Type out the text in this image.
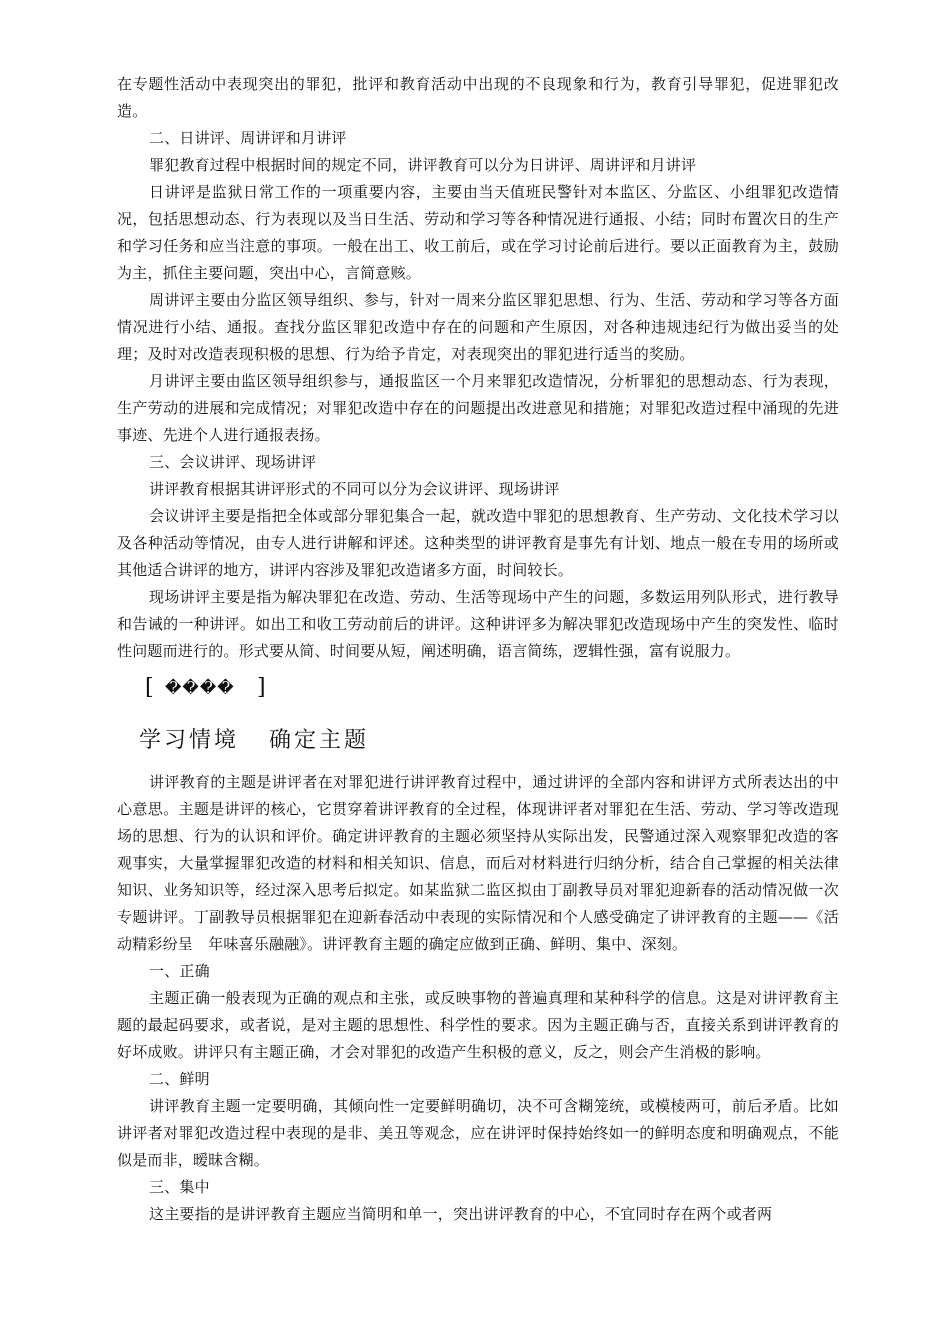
在专题性活动中表现突出的罪犯，批评和教育活动中出现的不良现象和行为，教育引导罪犯，促进罪犯改造。

二、日讲评、周讲评和月讲评

罪犯教育过程中根据时间的规定不同，讲评教育可以分为日讲评、周讲评和月讲评

日讲评是监狱日常工作的一项重要内容，主要由当天值班民警针对本监区、分监区、小组罪犯改造情况，包括思想动态、行为表现以及当日生活、劳动和学习等各种情况进行通报、小结；同时布置次日的生产和学习任务和应当注意的事项。一般在出工、收工前后，或在学习讨论前后进行。要以正面教育为主，鼓励为主，抓住主要问题，突出中心，言简意赅。

周讲评主要由分监区领导组织、参与，针对一周来分监区罪犯思想、行为、生活、劳动和学习等各方面情况进行小结、通报。查找分监区罪犯改造中存在的问题和产生原因，对各种违规违纪行为做出妥当的处理；及时对改造表现积极的思想、行为给予肯定，对表现突出的罪犯进行适当的奖励。

月讲评主要由监区领导组织参与，通报监区一个月来罪犯改造情况，分析罪犯的思想动态、行为表现，生产劳动的进展和完成情况；对罪犯改造中存在的问题提出改进意见和措施；对罪犯改造过程中涌现的先进事迹、先进个人进行通报表扬。

三、会议讲评、现场讲评

讲评教育根据其讲评形式的不同可以分为会议讲评、现场讲评

会议讲评主要是指把全体或部分罪犯集合一起，就改造中罪犯的思想教育、生产劳动、文化技术学习以及各种活动等情况，由专人进行讲解和评述。这种类型的讲评教育是事先有计划、地点一般在专用的场所或其他适合讲评的地方，讲评内容涉及罪犯改造诸多方面，时间较长。

现场讲评主要是指为解决罪犯在改造、劳动、生活等现场中产生的问题，多数运用列队形式，进行教导和告诫的一种讲评。如出工和收工劳动前后的讲评。这种讲评多为解决罪犯改造现场中产生的突发性、临时性问题而进行的。形式要从简、时间要从短，阐述明确，语言简练，逻辑性强，富有说服力。

[ ���� ]
学习情境 确定主题

讲评教育的主题是讲评者在对罪犯进行讲评教育过程中，通过讲评的全部内容和讲评方式所表达出的中心意思。主题是讲评的核心，它贯穿着讲评教育的全过程，体现讲评者对罪犯在生活、劳动、学习等改造现场的思想、行为的认识和评价。确定讲评教育的主题必须坚持从实际出发，民警通过深入观察罪犯改造的客观事实，大量掌握罪犯改造的材料和相关知识、信息，而后对材料进行归纳分析，结合自己掌握的相关法律知识、业务知识等，经过深入思考后拟定。如某监狱二监区拟由丁副教导员对罪犯迎新春的活动情况做一次专题讲评。丁副教导员根据罪犯在迎新春活动中表现的实际情况和个人感受确定了讲评教育的主题——《活动精彩纷呈　年味喜乐融融》。讲评教育主题的确定应做到正确、鲜明、集中、深刻。

一、正确

主题正确一般表现为正确的观点和主张，或反映事物的普遍真理和某种科学的信息。这是对讲评教育主题的最起码要求，或者说，是对主题的思想性、科学性的要求。因为主题正确与否，直接关系到讲评教育的好坏成败。讲评只有主题正确，才会对罪犯的改造产生积极的意义，反之，则会产生消极的影响。

二、鲜明

讲评教育主题一定要明确，其倾向性一定要鲜明确切，决不可含糊笼统，或模棱两可，前后矛盾。比如讲评者对罪犯改造过程中表现的是非、美丑等观念，应在讲评时保持始终如一的鲜明态度和明确观点，不能似是而非，暧昧含糊。

三、集中

这主要指的是讲评教育主题应当简明和单一，突出讲评教育的中心，不宜同时存在两个或者两
